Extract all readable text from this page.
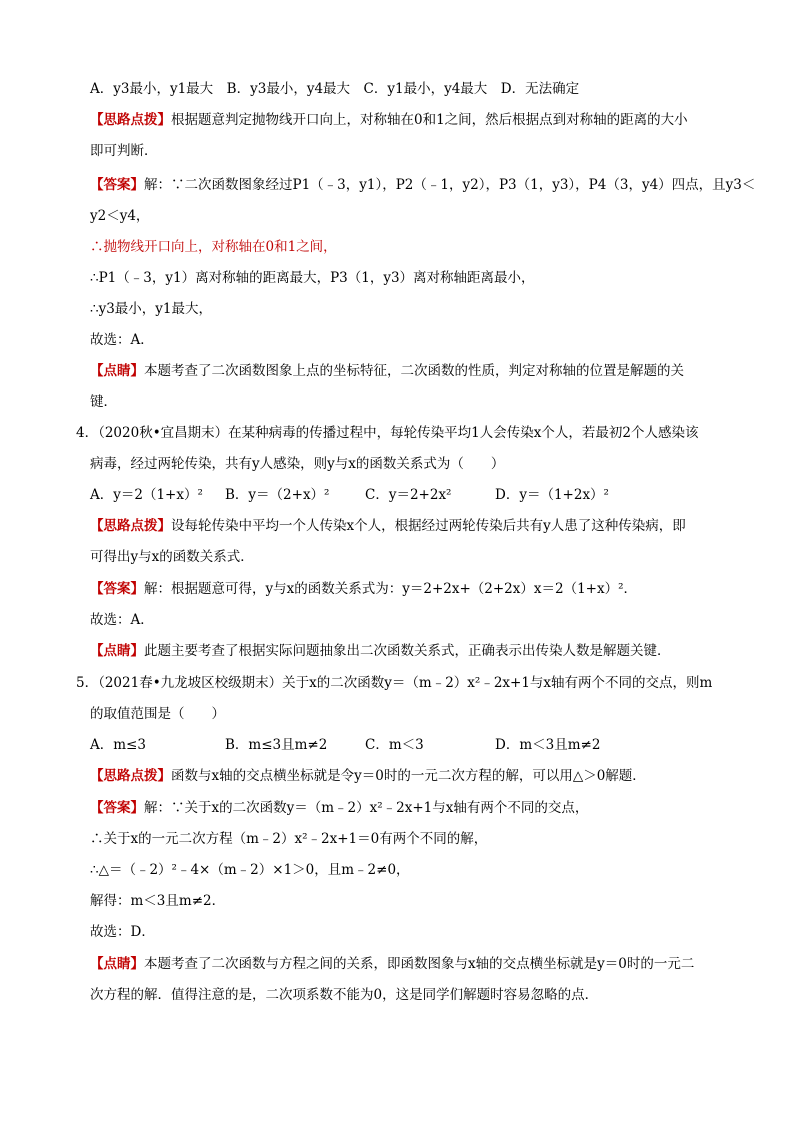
A．y3最小，y1最大　B．y3最小，y4最大　C．y1最小，y4最大　D．无法确定
【思路点拨】根据题意判定抛物线开口向上，对称轴在0和1之间，然后根据点到对称轴的距离的大小
即可判断．
【答案】解：∵二次函数图象经过P1（﹣3，y1），P2（﹣1，y2），P3（1，y3），P4（3，y4）四点，且y3＜
y2＜y4，
∴抛物线开口向上，对称轴在0和1之间，
∴P1（﹣3，y1）离对称轴的距离最大，P3（1，y3）离对称轴距离最小，
∴y3最小，y1最大，
故选：A．
【点睛】本题考查了二次函数图象上点的坐标特征，二次函数的性质，判定对称轴的位置是解题的关
键．
4．（2020秋•宜昌期末）在某种病毒的传播过程中，每轮传染平均1人会传染x个人，若最初2个人感染该
病毒，经过两轮传染，共有y人感染，则y与x的函数关系式为（　　）
A．y＝2（1+x）² B．y＝（2+x）²	C．y＝2+2x²	D．y＝（1+2x）²
【思路点拨】设每轮传染中平均一个人传染x个人，根据经过两轮传染后共有y人患了这种传染病，即
可得出y与x的函数关系式．
【答案】解：根据题意可得，y与x的函数关系式为：y＝2+2x+（2+2x）x＝2（1+x）²．
故选：A．
【点睛】此题主要考查了根据实际问题抽象出二次函数关系式，正确表示出传染人数是解题关键．
5．（2021春•九龙坡区校级期末）关于x的二次函数y＝（m﹣2）x²﹣2x+1与x轴有两个不同的交点，则m
的取值范围是（　　）
A．m≤3	B．m≤3且m≠2	C．m＜3	D．m＜3且m≠2
【思路点拨】函数与x轴的交点横坐标就是令y＝0时的一元二次方程的解，可以用△＞0解题．
【答案】解：∵关于x的二次函数y＝（m﹣2）x²﹣2x+1与x轴有两个不同的交点，
∴关于x的一元二次方程（m﹣2）x²﹣2x+1＝0有两个不同的解，
∴△＝（﹣2）²﹣4×（m﹣2）×1＞0，且m﹣2≠0，
解得：m＜3且m≠2．
故选：D．
【点睛】本题考查了二次函数与方程之间的关系，即函数图象与x轴的交点横坐标就是y＝0时的一元二
次方程的解．值得注意的是，二次项系数不能为0，这是同学们解题时容易忽略的点．
